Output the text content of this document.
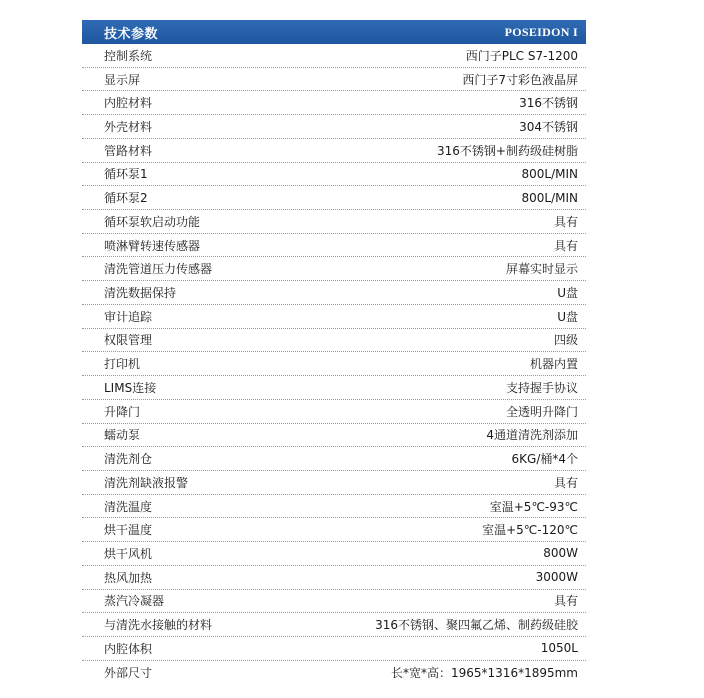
技术参数	POSEIDON I
控制系统	西门子PLC S7-1200
显示屏	西门子7寸彩色液晶屏
内腔材料	316不锈钢
外壳材料	304不锈钢
管路材料	316不锈钢+制药级硅树脂
循环泵1	800L/MIN
循环泵2	800L/MIN
循环泵软启动功能	具有
喷淋臂转速传感器	具有
清洗管道压力传感器	屏幕实时显示
清洗数据保持	U盘
审计追踪	U盘
权限管理	四级
打印机	机器内置
LIMS连接	支持握手协议
升降门	全透明升降门
蠕动泵	4通道清洗剂添加
清洗剂仓	6KG/桶*4个
清洗剂缺液报警	具有
清洗温度	室温+5℃-93℃
烘干温度	室温+5℃-120℃
烘干风机	800W
热风加热	3000W
蒸汽冷凝器	具有
与清洗水接触的材料	316不锈钢、聚四氟乙烯、制药级硅胶
内腔体积	1050L
外部尺寸	长*宽*高：1965*1316*1895mm
